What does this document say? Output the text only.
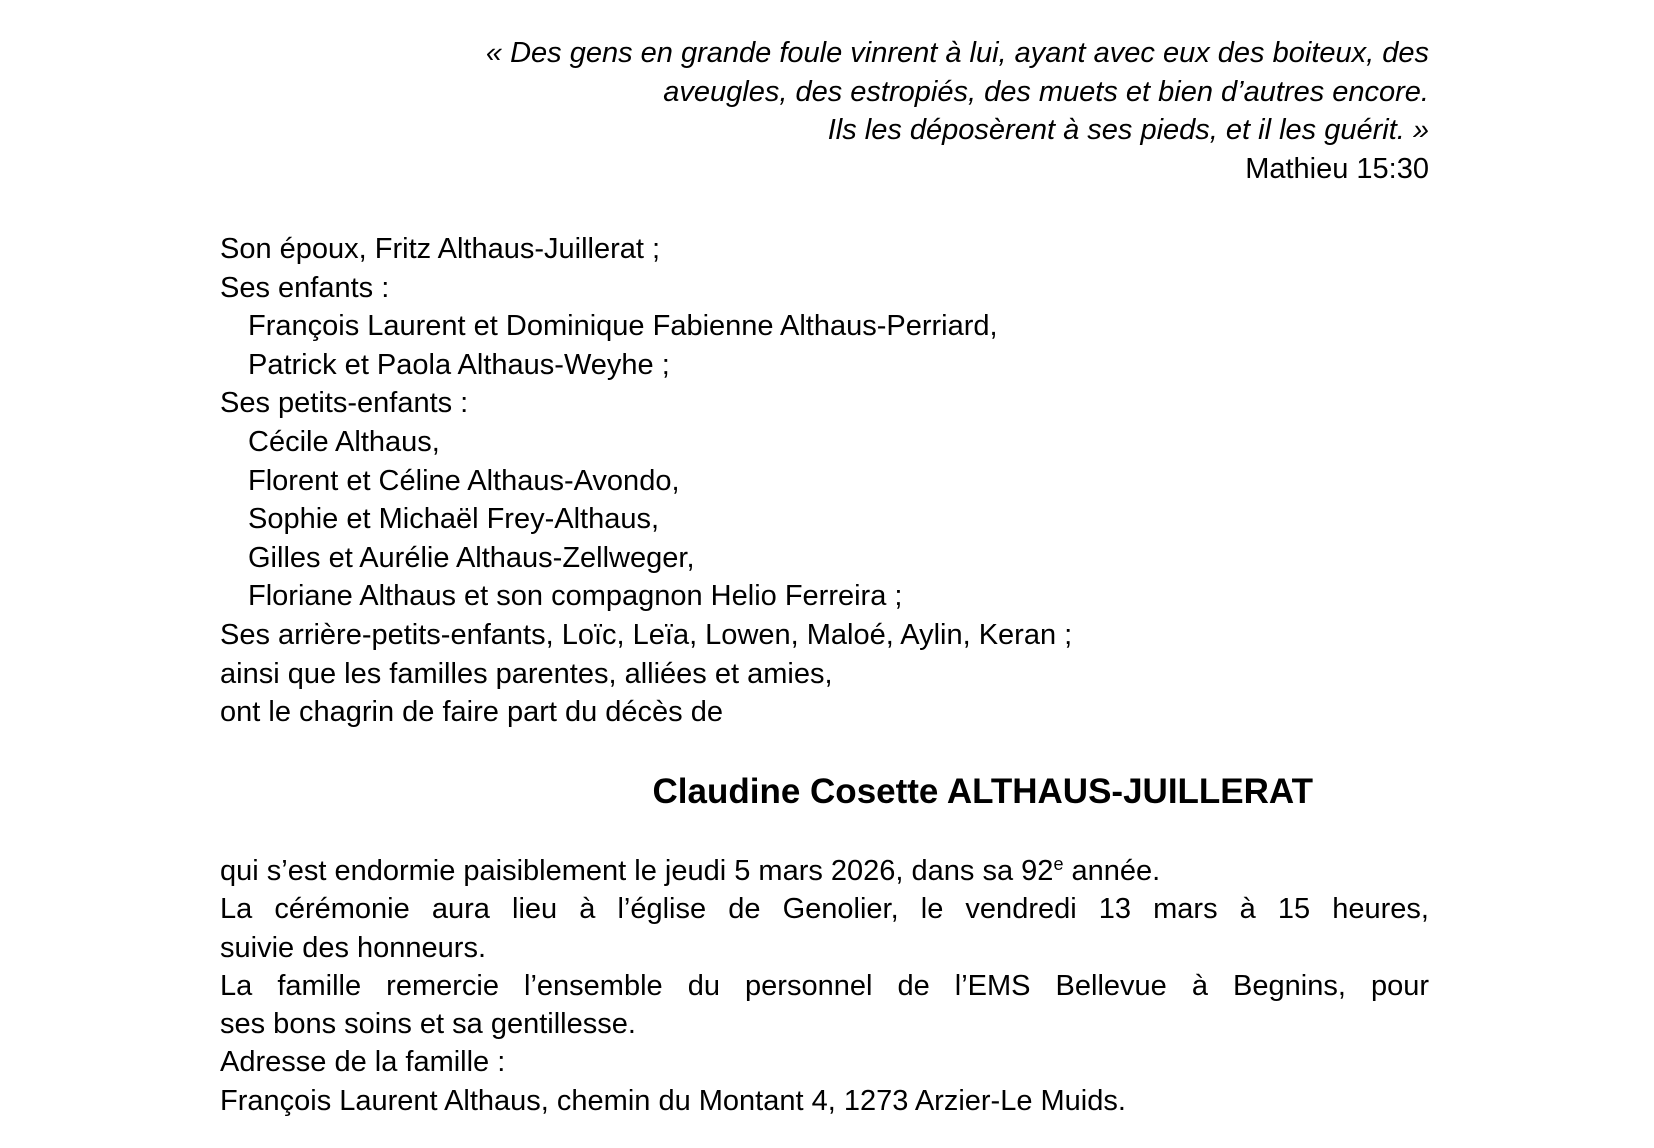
« Des gens en grande foule vinrent à lui, ayant avec eux des boiteux, des
aveugles, des estropiés, des muets et bien d’autres encore.
Ils les déposèrent à ses pieds, et il les guérit. »
Mathieu 15:30
Son époux, Fritz Althaus-Juillerat ;
Ses enfants :
François Laurent et Dominique Fabienne Althaus-Perriard,
Patrick et Paola Althaus-Weyhe ;
Ses petits-enfants :
Cécile Althaus,
Florent et Céline Althaus-Avondo,
Sophie et Michaël Frey-Althaus,
Gilles et Aurélie Althaus-Zellweger,
Floriane Althaus et son compagnon Helio Ferreira ;
Ses arrière-petits-enfants, Loïc, Leïa, Lowen, Maloé, Aylin, Keran ;
ainsi que les familles parentes, alliées et amies,
ont le chagrin de faire part du décès de
Claudine Cosette ALTHAUS-JUILLERAT
qui s’est endormie paisiblement le jeudi 5 mars 2026, dans sa 92e année.
La cérémonie aura lieu à l’église de Genolier, le vendredi 13 mars à 15 heures,
suivie des honneurs.
La famille remercie l’ensemble du personnel de l’EMS Bellevue à Begnins, pour
ses bons soins et sa gentillesse.
Adresse de la famille :
François Laurent Althaus, chemin du Montant 4, 1273 Arzier-Le Muids.
